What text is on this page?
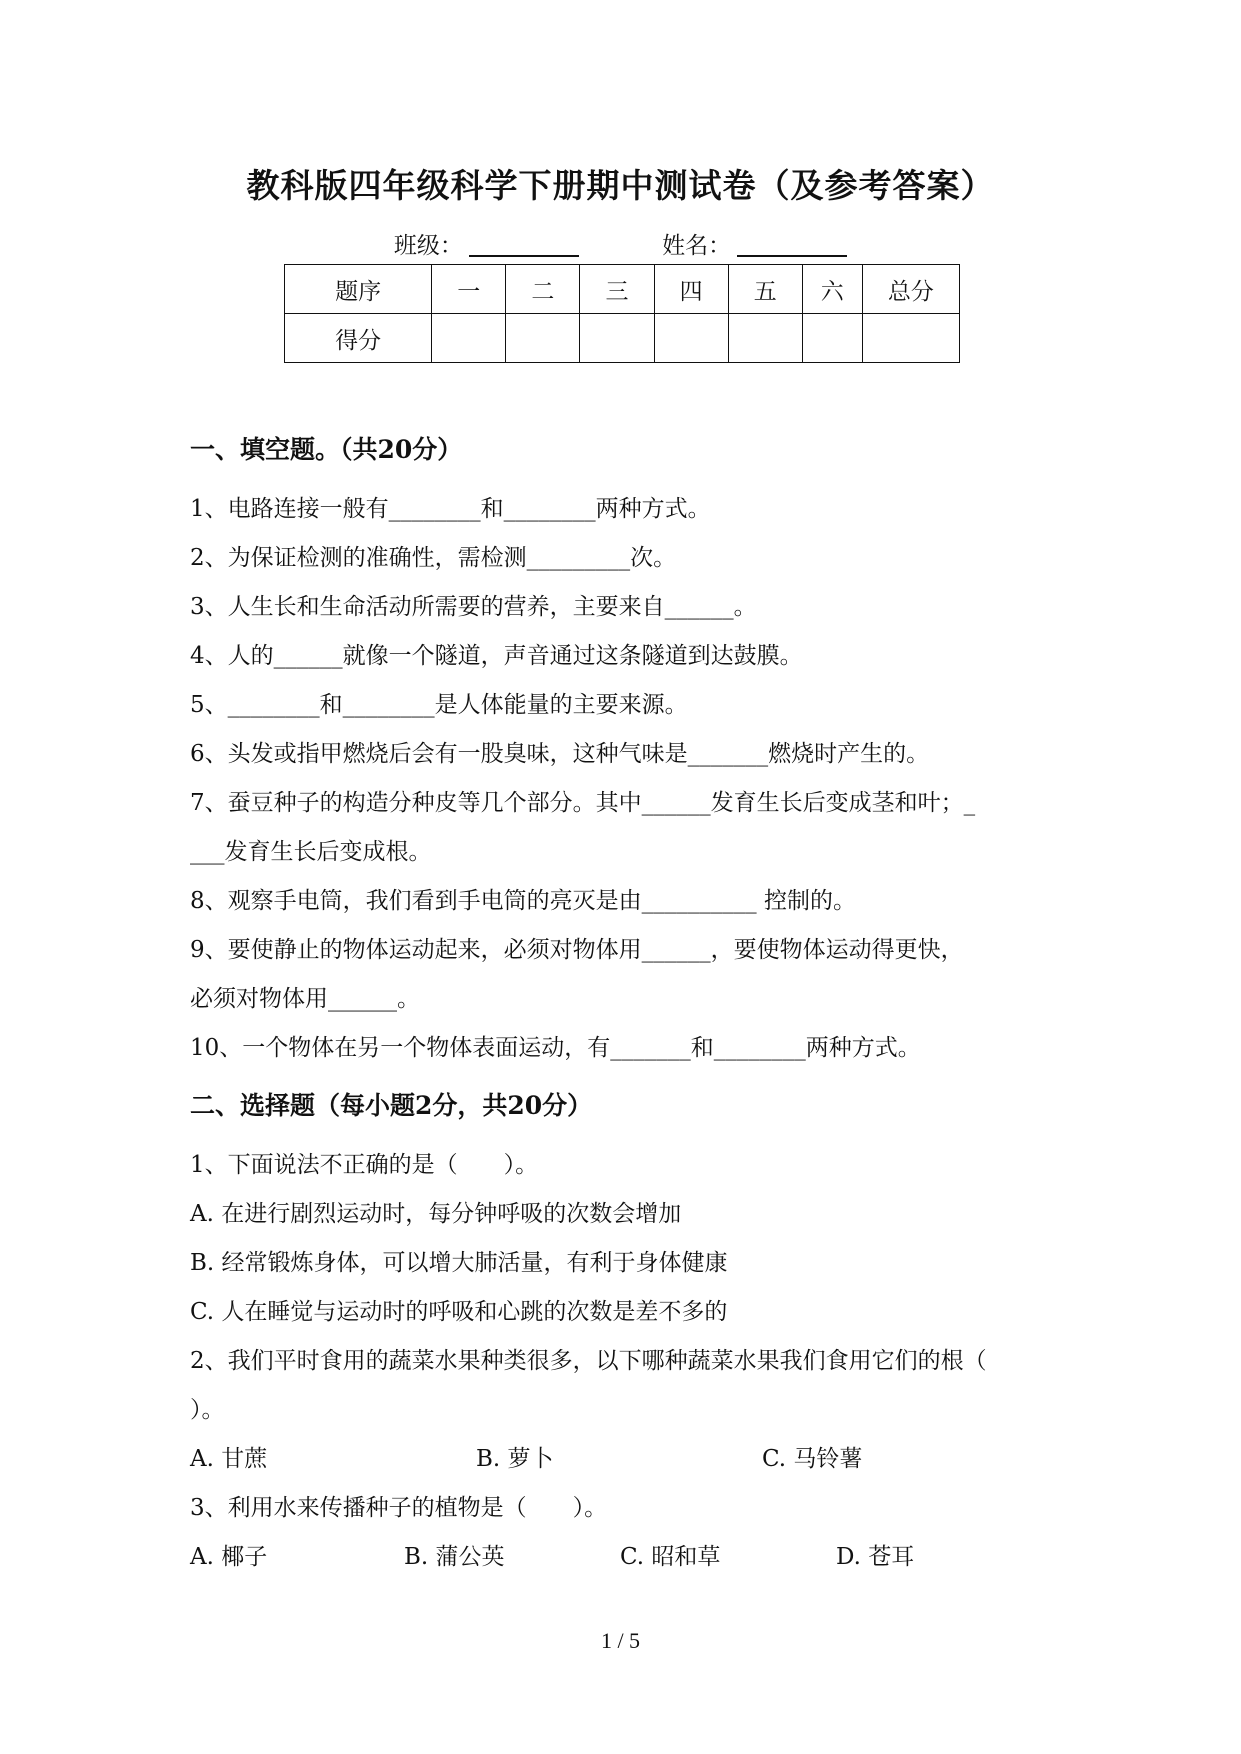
教科版四年级科学下册期中测试卷（及参考答案）
班级：	姓名：
题序	一	二	三	四	五	六	总分
得分							
一、填空题。（共20分）
1、电路连接一般有________和________两种方式。
2、为保证检测的准确性，需检测_________次。
3、人生长和生命活动所需要的营养，主要来自______。
4、人的______就像一个隧道，声音通过这条隧道到达鼓膜。
5、________和________是人体能量的主要来源。
6、头发或指甲燃烧后会有一股臭味，这种气味是_______燃烧时产生的。
7、蚕豆种子的构造分种皮等几个部分。其中______发育生长后变成茎和叶；_
___发育生长后变成根。
8、观察手电筒，我们看到手电筒的亮灭是由__________ 控制的。
9、要使静止的物体运动起来，必须对物体用______，要使物体运动得更快，
必须对物体用______。
10、一个物体在另一个物体表面运动，有_______和________两种方式。
二、选择题（每小题2分，共20分）
1、下面说法不正确的是（　　）。
A. 在进行剧烈运动时，每分钟呼吸的次数会增加
B. 经常锻炼身体，可以增大肺活量，有利于身体健康
C. 人在睡觉与运动时的呼吸和心跳的次数是差不多的
2、我们平时食用的蔬菜水果种类很多，以下哪种蔬菜水果我们食用它们的根（
）。
A. 甘蔗	B. 萝卜	C. 马铃薯
3、利用水来传播种子的植物是（　　）。
A. 椰子	B. 蒲公英	C. 昭和草	D. 苍耳
1 / 5
